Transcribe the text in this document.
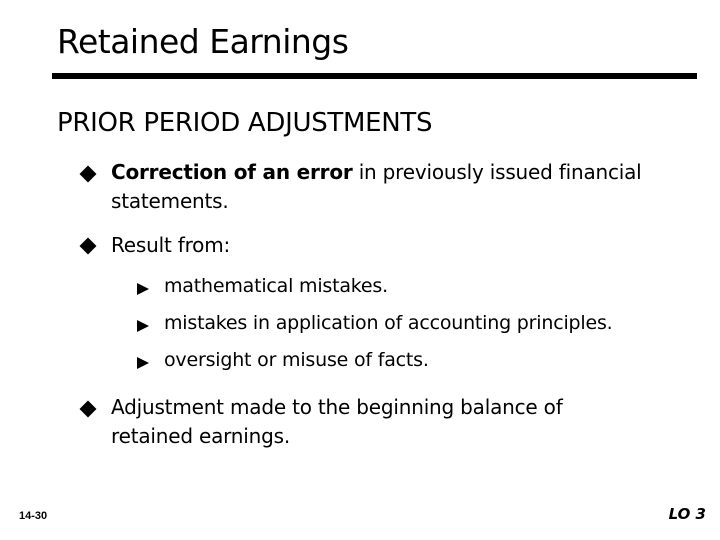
Retained Earnings
PRIOR PERIOD ADJUSTMENTS
Correction of an error in previously issued financial
statements.
Result from:
mathematical mistakes.
mistakes in application of accounting principles.
oversight or misuse of facts.
Adjustment made to the beginning balance of
retained earnings.
14-30	LO 3
